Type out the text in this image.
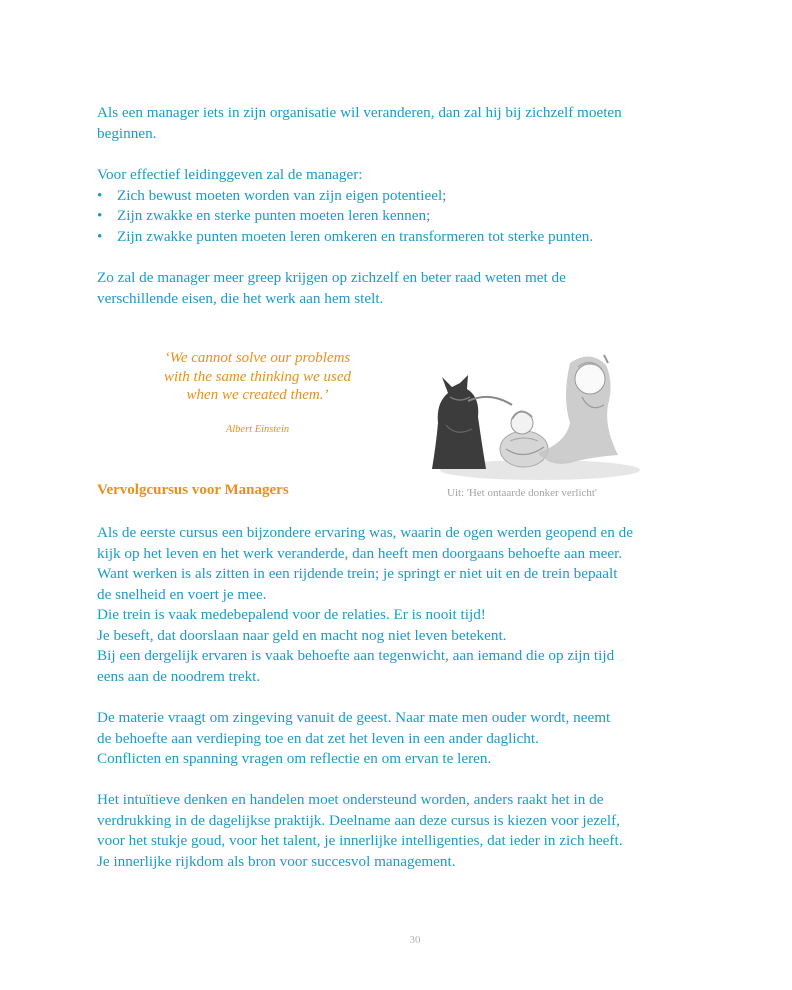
Als een manager iets in zijn organisatie wil veranderen, dan zal hij bij zichzelf moeten
beginnen.
Voor effectief leidinggeven zal de manager:
• Zich bewust moeten worden van zijn eigen potentieel;
• Zijn zwakke en sterke punten moeten leren kennen;
• Zijn zwakke punten moeten leren omkeren en transformeren tot sterke punten.
Zo zal de manager meer greep krijgen op zichzelf en beter raad weten met de
verschillende eisen, die het werk aan hem stelt.
‘We cannot solve our problems
with the same thinking we used
when we created them.’
Albert Einstein
Vervolgcursus voor Managers	Uit: 'Het ontaarde donker verlicht'
Als de eerste cursus een bijzondere ervaring was, waarin de ogen werden geopend en de
kijk op het leven en het werk veranderde, dan heeft men doorgaans behoefte aan meer.
Want werken is als zitten in een rijdende trein; je springt er niet uit en de trein bepaalt
de snelheid en voert je mee.
Die trein is vaak medebepalend voor de relaties. Er is nooit tijd!
Je beseft, dat doorslaan naar geld en macht nog niet leven betekent.
Bij een dergelijk ervaren is vaak behoefte aan tegenwicht, aan iemand die op zijn tijd
eens aan de noodrem trekt.
De materie vraagt om zingeving vanuit de geest. Naar mate men ouder wordt, neemt
de behoefte aan verdieping toe en dat zet het leven in een ander daglicht.
Conflicten en spanning vragen om reflectie en om ervan te leren.
Het intuïtieve denken en handelen moet ondersteund worden, anders raakt het in de
verdrukking in de dagelijkse praktijk. Deelname aan deze cursus is kiezen voor jezelf,
voor het stukje goud, voor het talent, je innerlijke intelligenties, dat ieder in zich heeft.
Je innerlijke rijkdom als bron voor succesvol management.
30
